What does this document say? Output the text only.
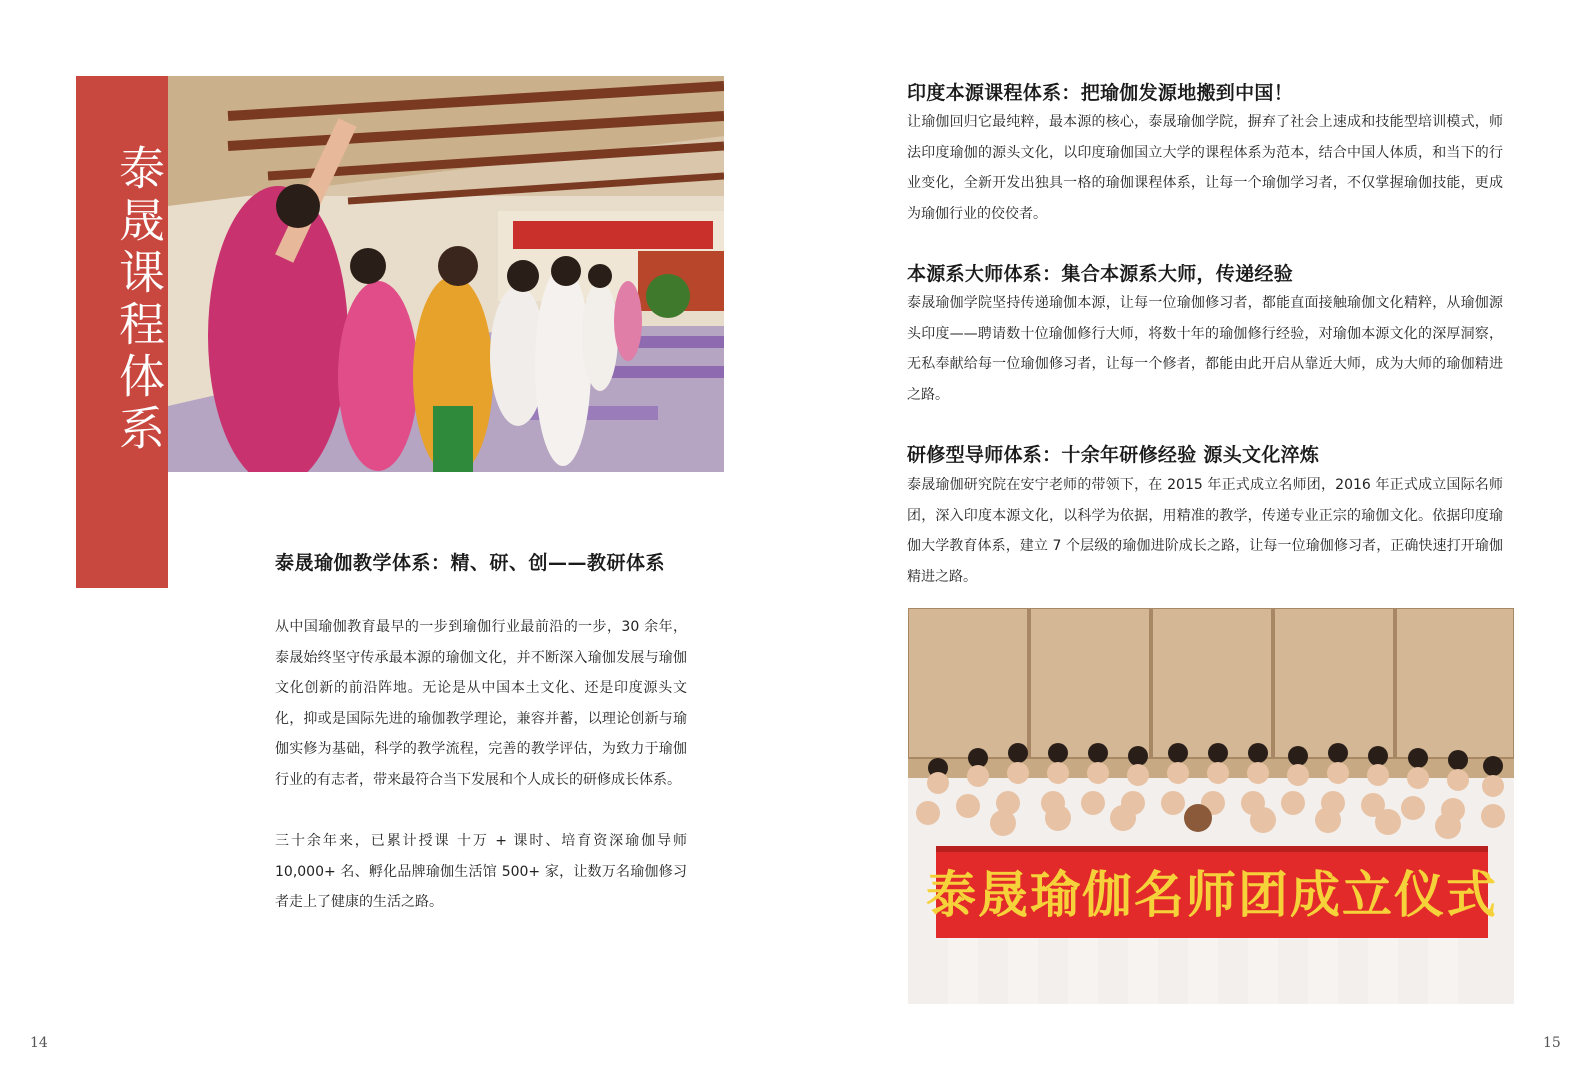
泰晟课程体系
泰晟瑜伽教学体系：精、研、创——教研体系
从中国瑜伽教育最早的一步到瑜伽行业最前沿的一步，30 余年，泰晟始终坚守传承最本源的瑜伽文化，并不断深入瑜伽发展与瑜伽文化创新的前沿阵地。无论是从中国本土文化、还是印度源头文化，抑或是国际先进的瑜伽教学理论，兼容并蓄，以理论创新与瑜伽实修为基础，科学的教学流程，完善的教学评估，为致力于瑜伽行业的有志者，带来最符合当下发展和个人成长的研修成长体系。
三十余年来，已累计授课 十万 + 课时、培育资深瑜伽导师 10,000+ 名、孵化品牌瑜伽生活馆 500+ 家，让数万名瑜伽修习者走上了健康的生活之路。
14
印度本源课程体系：把瑜伽发源地搬到中国！
让瑜伽回归它最纯粹，最本源的核心，泰晟瑜伽学院，摒弃了社会上速成和技能型培训模式，师法印度瑜伽的源头文化，以印度瑜伽国立大学的课程体系为范本，结合中国人体质，和当下的行业变化，全新开发出独具一格的瑜伽课程体系，让每一个瑜伽学习者，不仅掌握瑜伽技能，更成为瑜伽行业的佼佼者。
本源系大师体系：集合本源系大师，传递经验
泰晟瑜伽学院坚持传递瑜伽本源，让每一位瑜伽修习者，都能直面接触瑜伽文化精粹，从瑜伽源头印度——聘请数十位瑜伽修行大师，将数十年的瑜伽修行经验，对瑜伽本源文化的深厚洞察，无私奉献给每一位瑜伽修习者，让每一个修者，都能由此开启从靠近大师，成为大师的瑜伽精进之路。
研修型导师体系：十余年研修经验 源头文化淬炼
泰晟瑜伽研究院在安宁老师的带领下，在 2015 年正式成立名师团，2016 年正式成立国际名师团，深入印度本源文化，以科学为依据，用精准的教学，传递专业正宗的瑜伽文化。依据印度瑜伽大学教育体系，建立 7 个层级的瑜伽进阶成长之路，让每一位瑜伽修习者，正确快速打开瑜伽精进之路。
泰晟瑜伽名师团成立仪式
15
